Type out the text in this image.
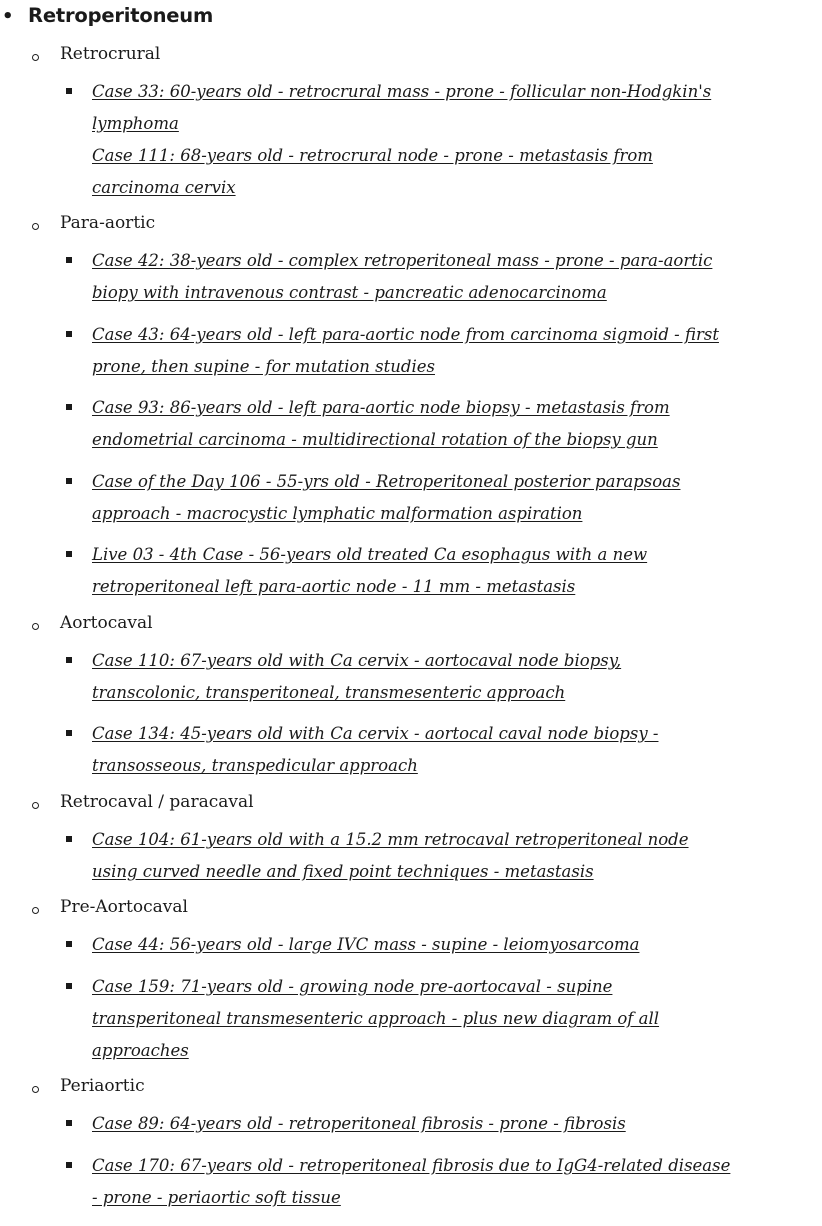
• Retroperitoneum
Retrocrural
Case 33: 60-years old - retrocrural mass - prone - follicular non-Hodgkin's
lymphoma
Case 111: 68-years old - retrocrural node - prone - metastasis from
carcinoma cervix
Para-aortic
Case 42: 38-years old - complex retroperitoneal mass - prone - para-aortic
biopy with intravenous contrast - pancreatic adenocarcinoma
Case 43: 64-years old - left para-aortic node from carcinoma sigmoid - first
prone, then supine - for mutation studies
Case 93: 86-years old - left para-aortic node biopsy - metastasis from
endometrial carcinoma - multidirectional rotation of the biopsy gun
Case of the Day 106 - 55-yrs old - Retroperitoneal posterior parapsoas
approach - macrocystic lymphatic malformation aspiration
Live 03 - 4th Case - 56-years old treated Ca esophagus with a new
retroperitoneal left para-aortic node - 11 mm - metastasis
Aortocaval
Case 110: 67-years old with Ca cervix - aortocaval node biopsy,
transcolonic, transperitoneal, transmesenteric approach
Case 134: 45-years old with Ca cervix - aortocal caval node biopsy -
transosseous, transpedicular approach
Retrocaval / paracaval
Case 104: 61-years old with a 15.2 mm retrocaval retroperitoneal node
using curved needle and fixed point techniques - metastasis
Pre-Aortocaval
Case 44: 56-years old - large IVC mass - supine - leiomyosarcoma
Case 159: 71-years old - growing node pre-aortocaval - supine
transperitoneal transmesenteric approach - plus new diagram of all
approaches
Periaortic
Case 89: 64-years old - retroperitoneal fibrosis - prone - fibrosis
Case 170: 67-years old - retroperitoneal fibrosis due to IgG4-related disease
- prone - periaortic soft tissue
